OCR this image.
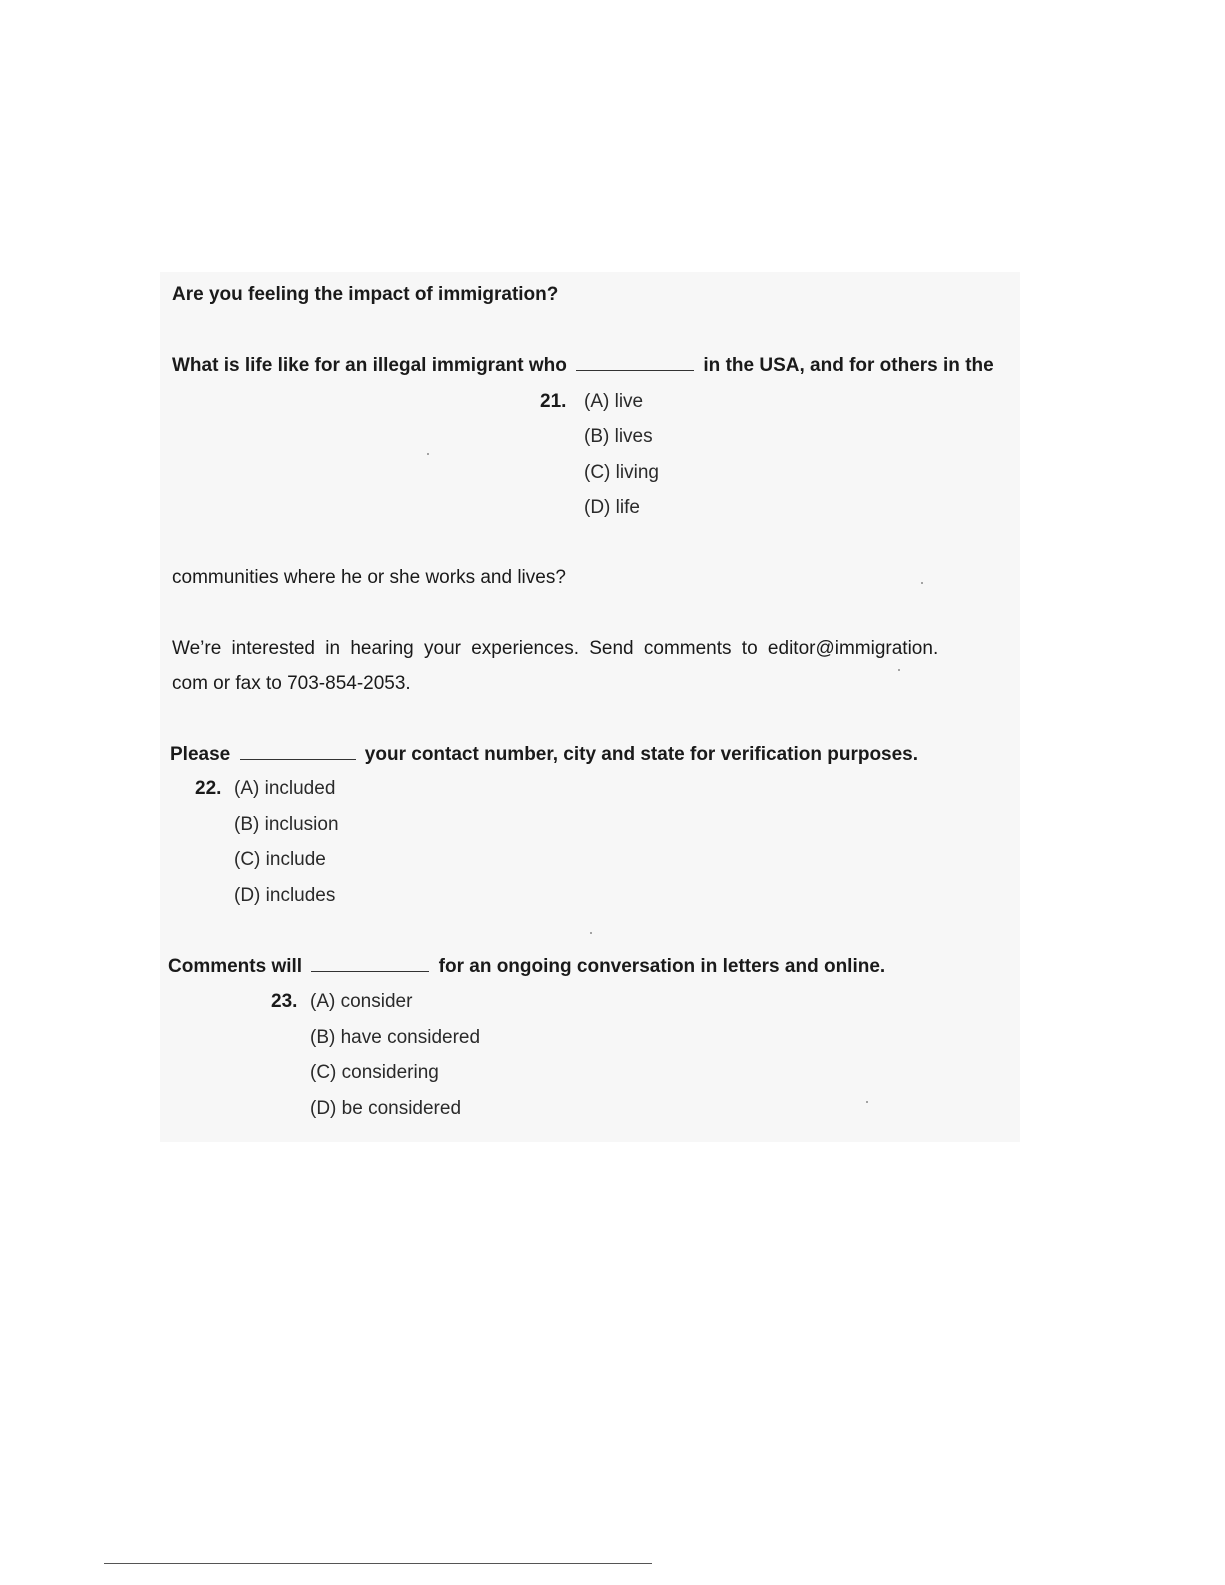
Are you feeling the impact of immigration?
What is life like for an illegal immigrant who	in the USA, and for others in the
21. (A) live
(B) lives
(C) living
(D) life
communities where he or she works and lives?
We’re interested in hearing your experiences. Send comments to editor@immigration.
com or fax to 703-854-2053.
Please	your contact number, city and state for verification purposes.
22. (A) included
(B) inclusion
(C) include
(D) includes
Comments will	for an ongoing conversation in letters and online.
23. (A) consider
(B) have considered
(C) considering
(D) be considered
